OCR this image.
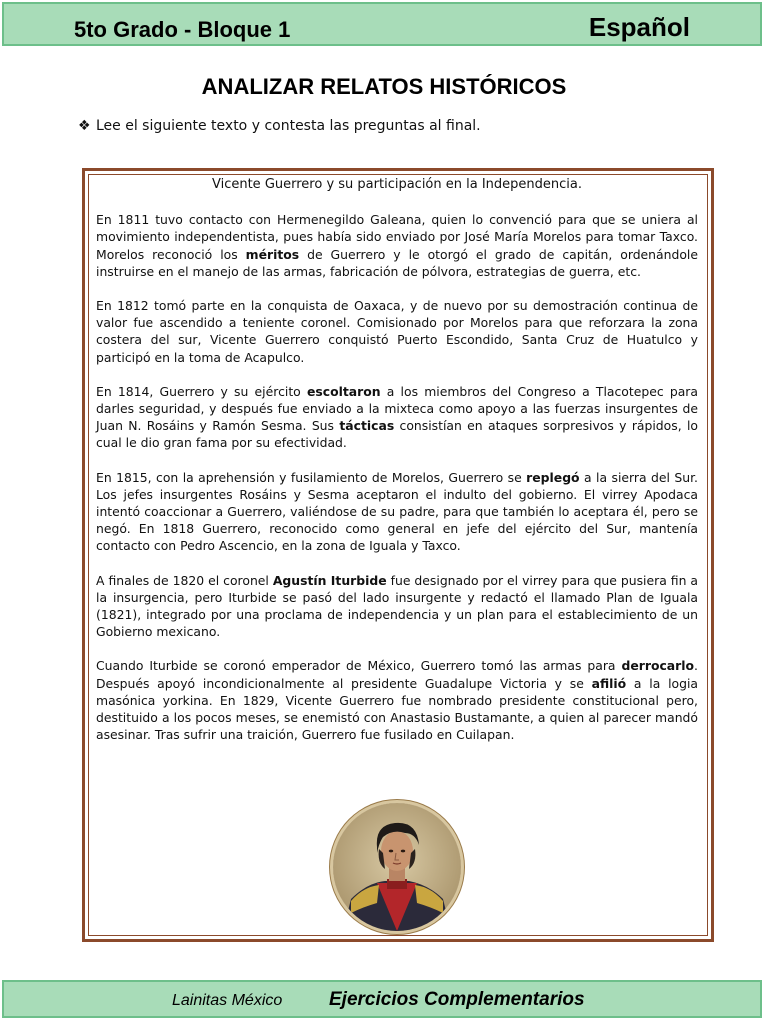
5to Grado - Bloque 1	Español
ANALIZAR RELATOS HISTÓRICOS
❖ Lee el siguiente texto y contesta las preguntas al final.
Vicente Guerrero y su participación en la Independencia.

En 1811 tuvo contacto con Hermenegildo Galeana, quien lo convenció para que se uniera al movimiento independentista, pues había sido enviado por José María Morelos para tomar Taxco. Morelos reconoció los méritos de Guerrero y le otorgó el grado de capitán, ordenándole instruirse en el manejo de las armas, fabricación de pólvora, estrategias de guerra, etc.

En 1812 tomó parte en la conquista de Oaxaca, y de nuevo por su demostración continua de valor fue ascendido a teniente coronel. Comisionado por Morelos para que reforzara la zona costera del sur, Vicente Guerrero conquistó Puerto Escondido, Santa Cruz de Huatulco y participó en la toma de Acapulco.

En 1814, Guerrero y su ejército escoltaron a los miembros del Congreso a Tlacotepec para darles seguridad, y después fue enviado a la mixteca como apoyo a las fuerzas insurgentes de Juan N. Rosáins y Ramón Sesma. Sus tácticas consistían en ataques sorpresivos y rápidos, lo cual le dio gran fama por su efectividad.

En 1815, con la aprehensión y fusilamiento de Morelos, Guerrero se replegó a la sierra del Sur. Los jefes insurgentes Rosáins y Sesma aceptaron el indulto del gobierno. El virrey Apodaca intentó coaccionar a Guerrero, valiéndose de su padre, para que también lo aceptara él, pero se negó. En 1818 Guerrero, reconocido como general en jefe del ejército del Sur, mantenía contacto con Pedro Ascencio, en la zona de Iguala y Taxco.

A finales de 1820 el coronel Agustín Iturbide fue designado por el virrey para que pusiera fin a la insurgencia, pero Iturbide se pasó del lado insurgente y redactó el llamado Plan de Iguala (1821), integrado por una proclama de independencia y un plan para el establecimiento de un Gobierno mexicano.

Cuando Iturbide se coronó emperador de México, Guerrero tomó las armas para derrocarlo. Después apoyó incondicionalmente al presidente Guadalupe Victoria y se afilió a la logia masónica yorkina. En 1829, Vicente Guerrero fue nombrado presidente constitucional pero, destituido a los pocos meses, se enemistó con Anastasio Bustamante, a quien al parecer mandó asesinar. Tras sufrir una traición, Guerrero fue fusilado en Cuilapan.

Lainitas México Ejercicios Complementarios
